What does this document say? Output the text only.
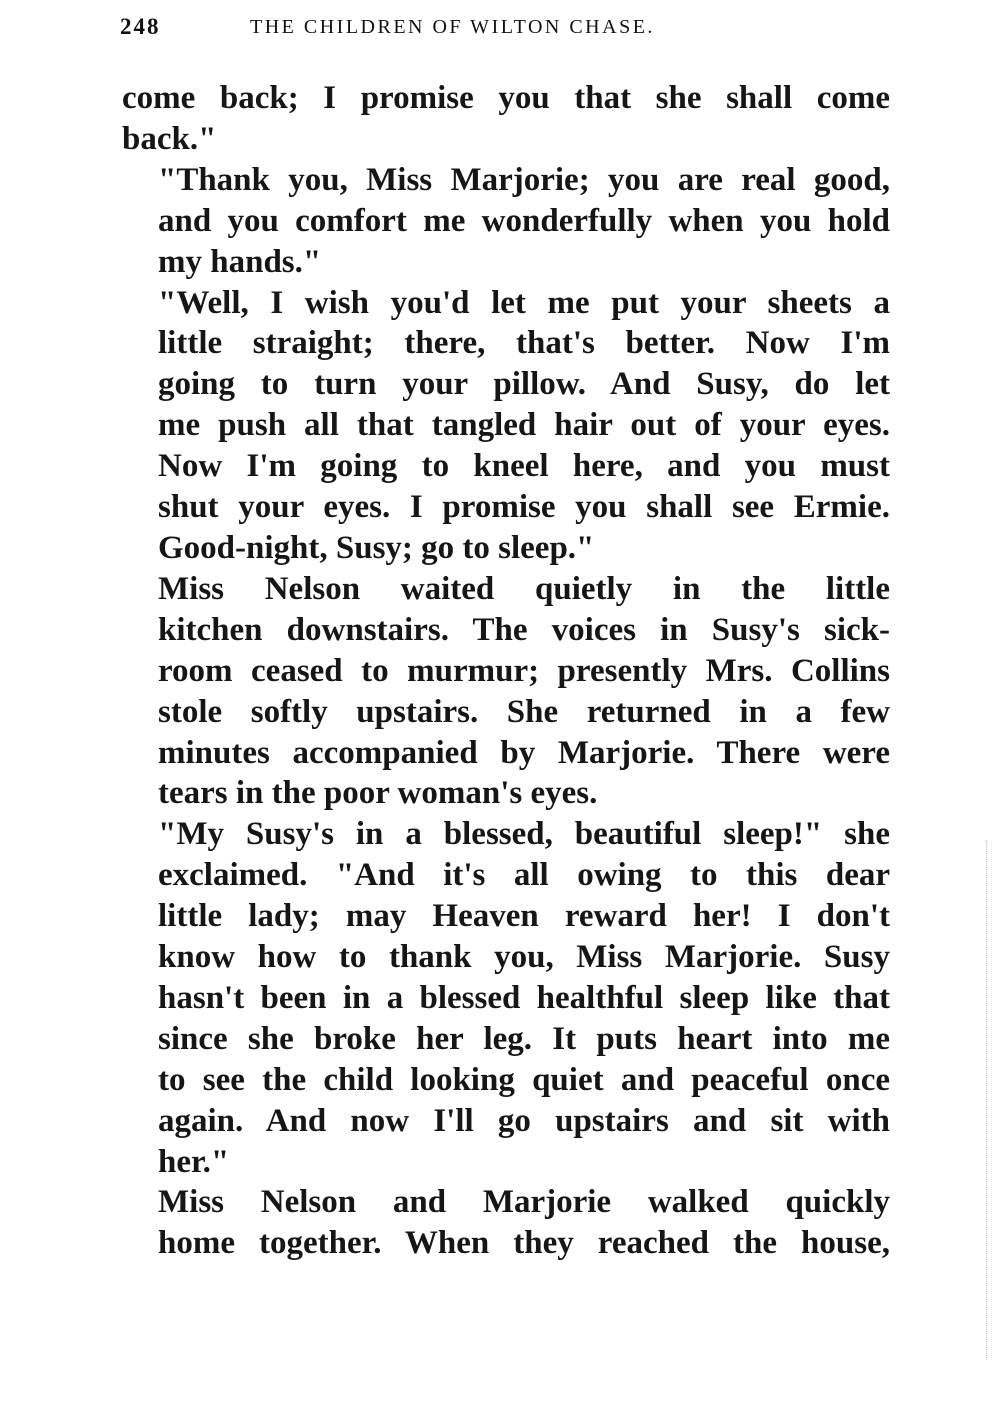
248	THE CHILDREN OF WILTON CHASE.

come back; I promise you that she shall come
back."

"Thank you, Miss Marjorie; you are real good,
and you comfort me wonderfully when you hold
my hands."

"Well, I wish you'd let me put your sheets a
little straight; there, that's better. Now I'm
going to turn your pillow. And Susy, do let
me push all that tangled hair out of your eyes.
Now I'm going to kneel here, and you must
shut your eyes. I promise you shall see Ermie.
Good-night, Susy; go to sleep."

Miss Nelson waited quietly in the little
kitchen downstairs. The voices in Susy's sick-
room ceased to murmur; presently Mrs. Collins
stole softly upstairs. She returned in a few
minutes accompanied by Marjorie. There were
tears in the poor woman's eyes.

"My Susy's in a blessed, beautiful sleep!" she
exclaimed. "And it's all owing to this dear
little lady; may Heaven reward her! I don't
know how to thank you, Miss Marjorie. Susy
hasn't been in a blessed healthful sleep like that
since she broke her leg. It puts heart into me
to see the child looking quiet and peaceful once
again. And now I'll go upstairs and sit with
her."

Miss Nelson and Marjorie walked quickly
home together. When they reached the house,
